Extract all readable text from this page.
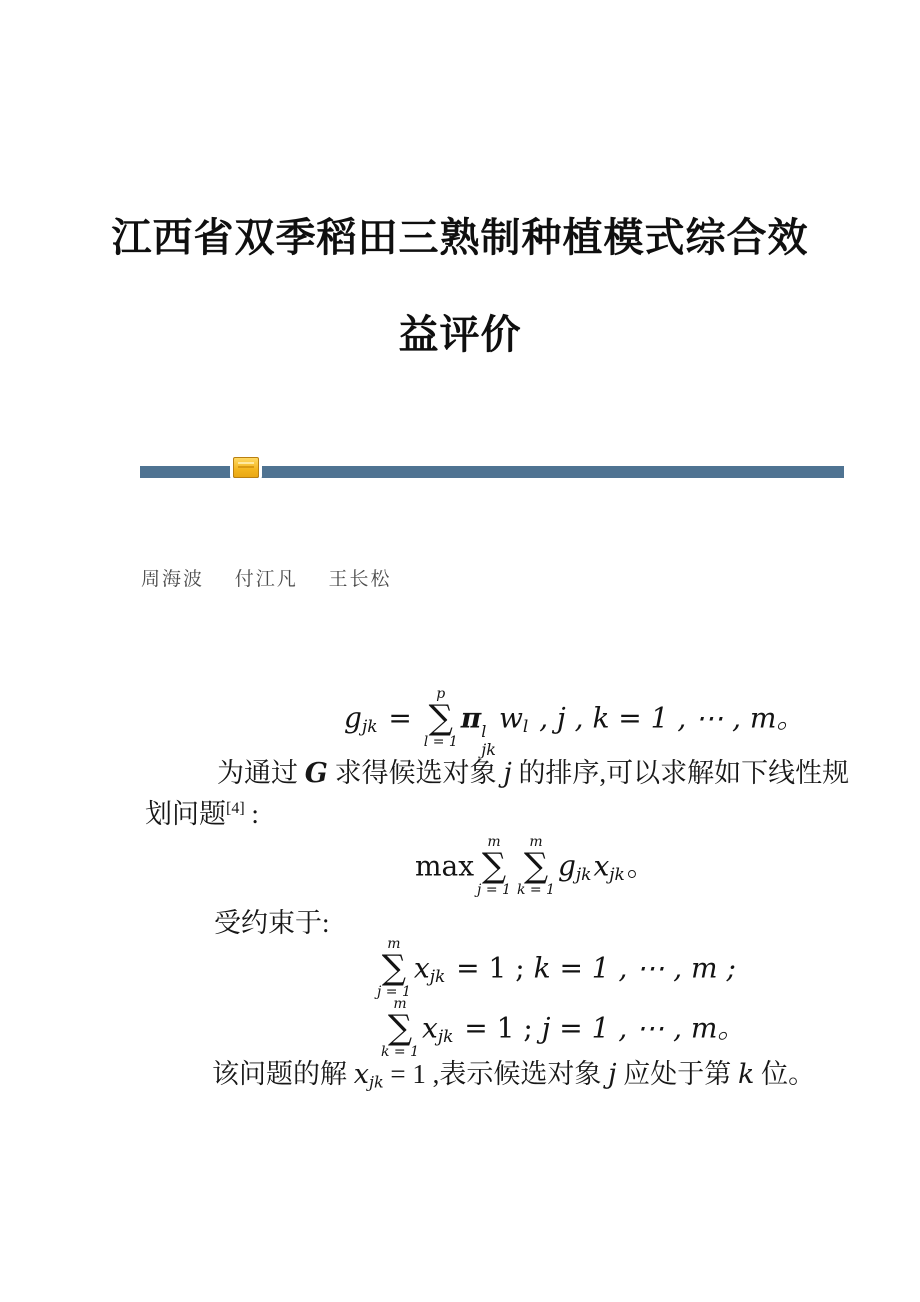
江西省双季稻田三熟制种植模式综合效
益评价
周海波 付江凡 王长松
gjk =
p
∑
l = 1
π l
jk
wl , j , k = 1 , ⋯ , m。
为通过 G 求得候选对象 j 的排序,可以求解如下线性规
划问题[4] :
max
m
∑
j = 1
m
∑
k = 1
gjkxjk。
受约束于:
m
∑
j = 1
xjk = 1 ; k = 1 , ⋯ , m ;
m
∑
k = 1
xjk = 1 ; j = 1 , ⋯ , m。
该问题的解 xjk = 1 ,表示候选对象 j 应处于第 k 位。
